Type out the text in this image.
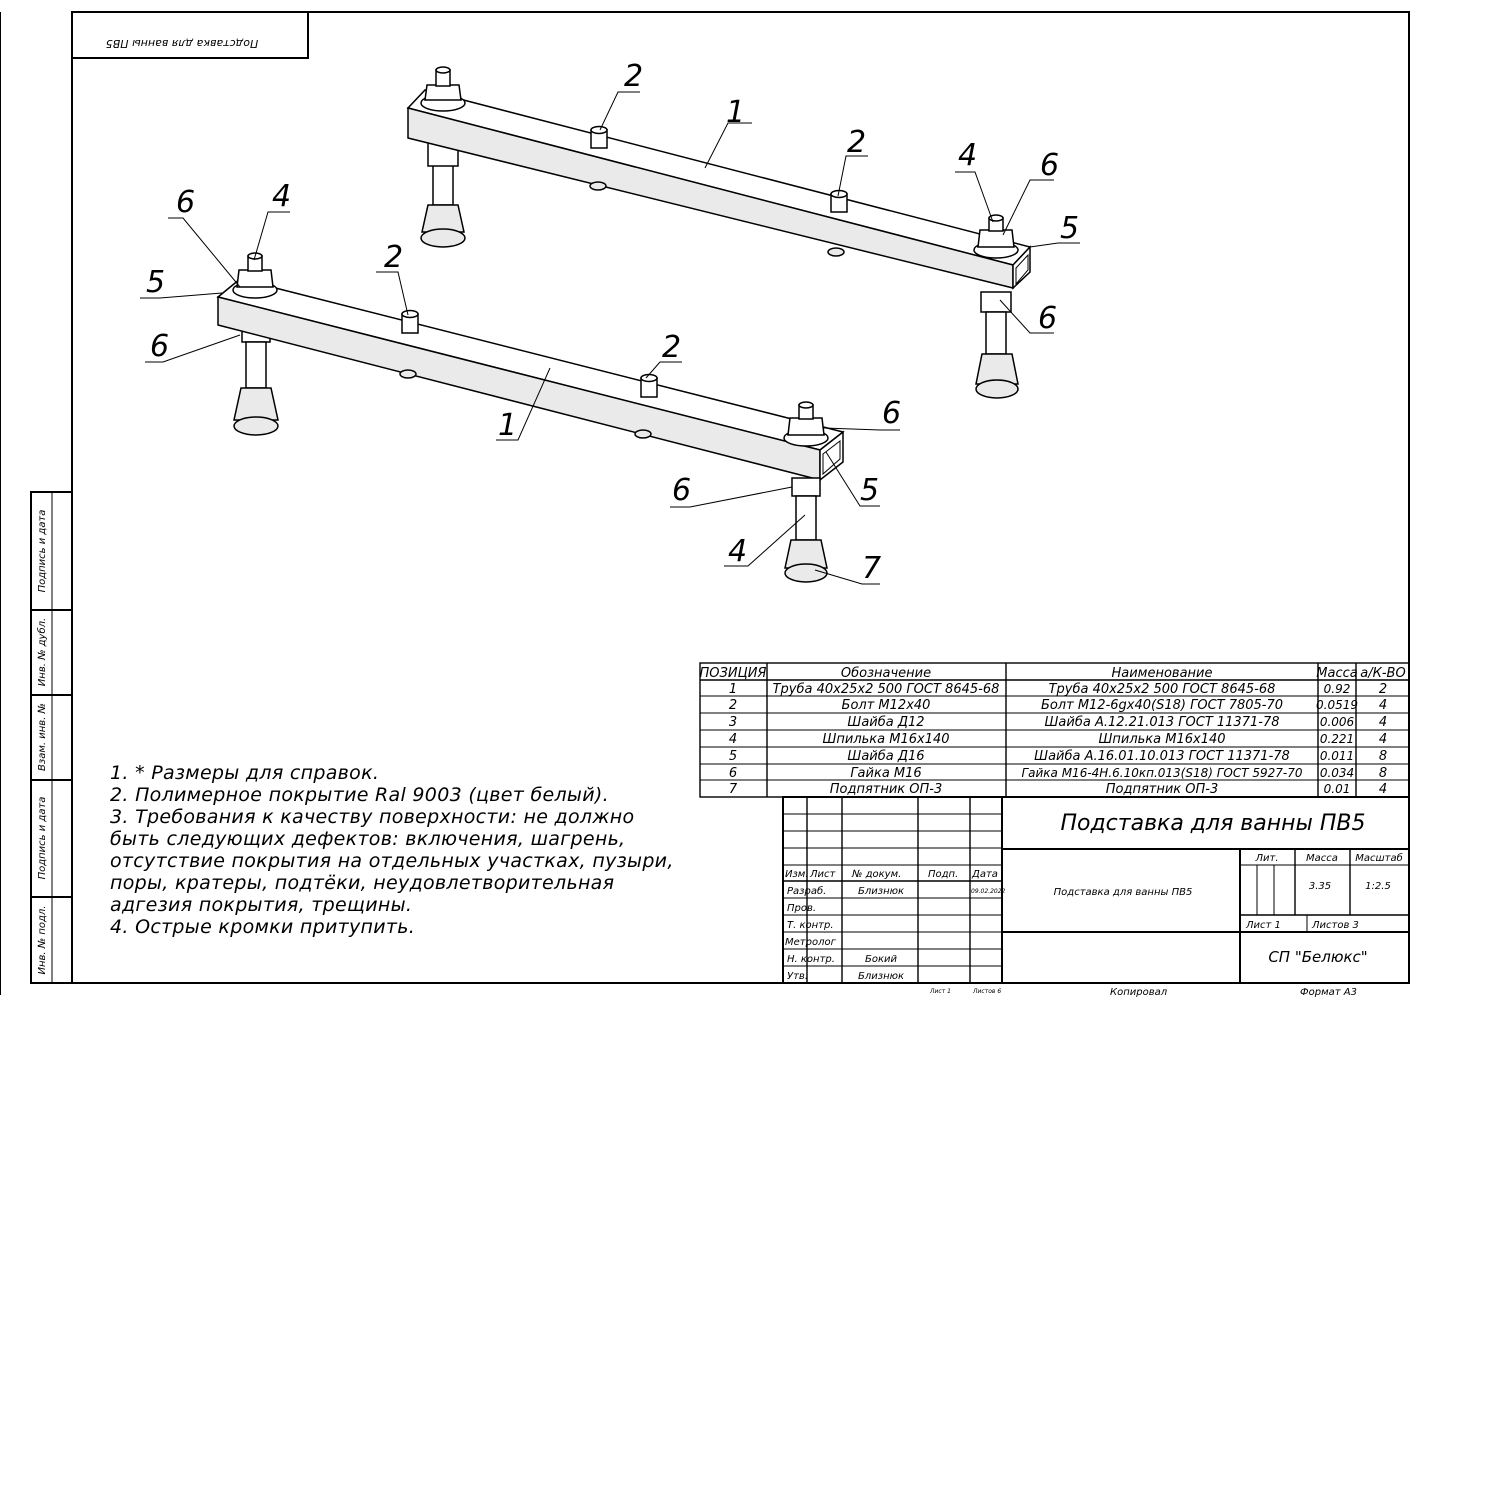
Подставка для ванны ПВ5
Подпись и дата
Инв. № дубл.
Взам. инв. №
Подпись и дата
Инв. № подл.
1
2
2	4 6
5
6
6	4
5
6
2
2
1	6
6	5
4	7
ПОЗИЦИЯ	Обозначение	Наименование	Масса а/К-ВО
1	Труба 40х25х2 500 ГОСТ 8645-68	Труба 40х25х2 500 ГОСТ 8645-68	0.92 2
2	Болт М12х40	Болт М12-6gх40(S18) ГОСТ 7805-70	0.0519 4
3	Шайба Д12	Шайба А.12.21.013 ГОСТ 11371-78	0.006 4
4	Шпилька М16х140	Шпилька М16х140	0.221 4
5	Шайба Д16	Шайба А.16.01.10.013 ГОСТ 11371-78	0.011 8
6	Гайка М16	Гайка М16-4Н.6.10кп.013(S18) ГОСТ 5927-70 0.034 8
7	Подпятник ОП-3	Подпятник ОП-3	0.01 4
Подставка для ванны ПВ5
Подставка для ванны ПВ5
Изм. Лист № докум.	Подп. Дата
Разраб.	Близнюк	09.02.2022
Пров.
Т. контр.
Метролог
Н. контр.	Бокий
Утв.	Близнюк
Лит.	Масса Масштаб
3.35	1:2.5
Лист 1	Листов 3
СП "Белюкс"
Лист 1	Листов 6	Копировал	Формат А3
1. * Размеры для справок.
2. Полимерное покрытие Ral 9003 (цвет белый).
3. Требования к качеству поверхности: не должно
быть следующих дефектов: включения, шагрень,
отсутствие покрытия на отдельных участках, пузыри,
поры, кратеры, подтёки, неудовлетворительная
адгезия покрытия, трещины.
4. Острые кромки притупить.
